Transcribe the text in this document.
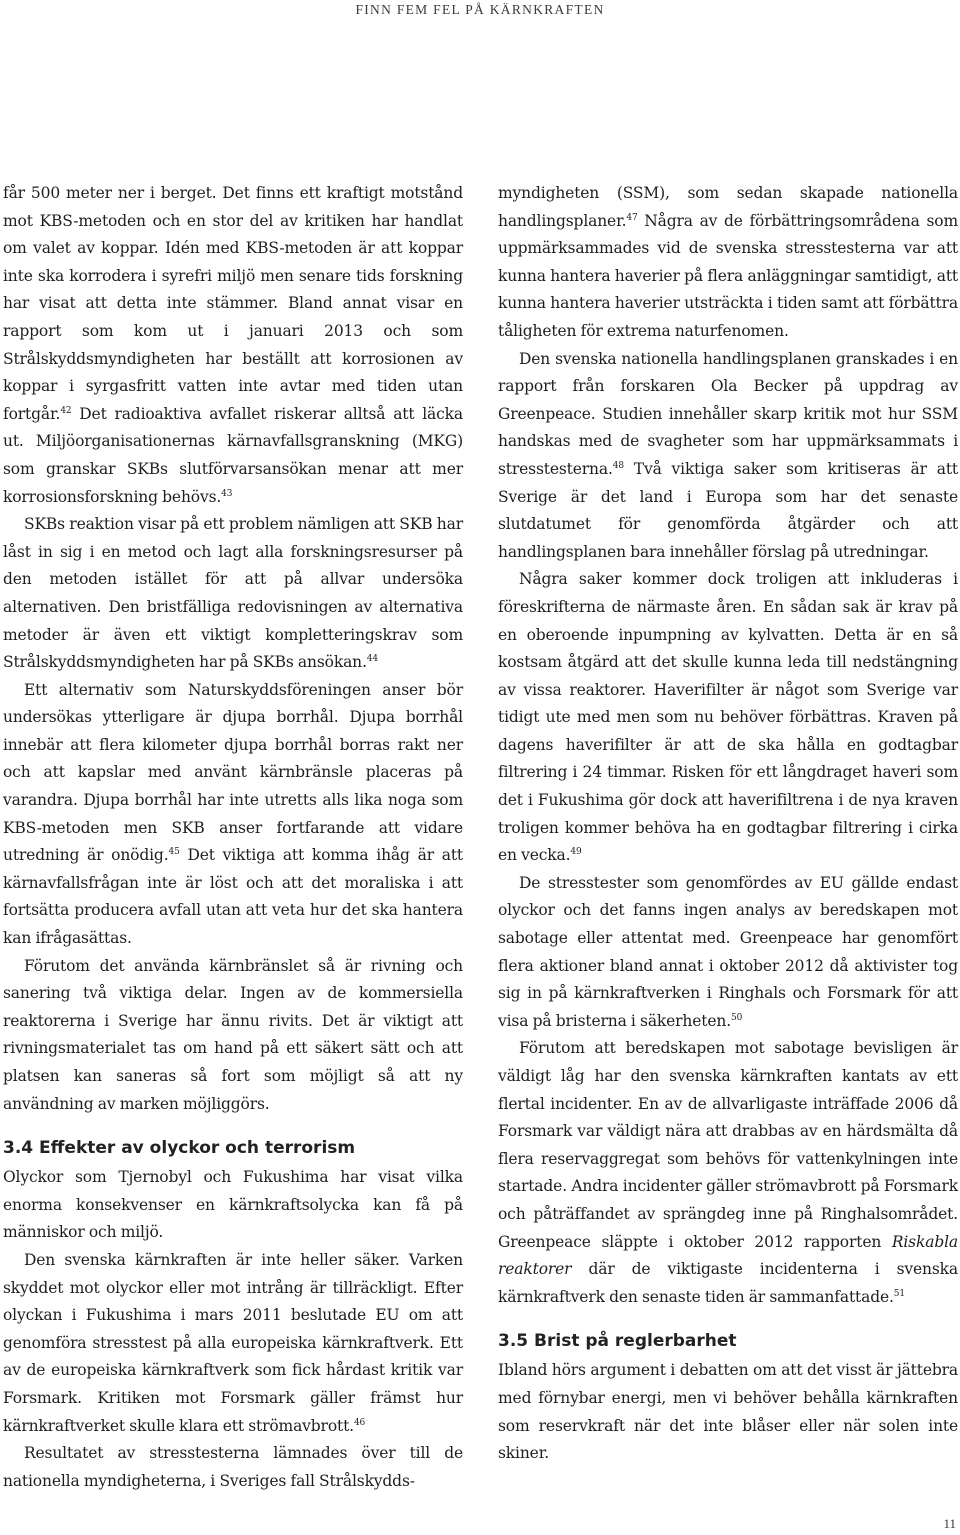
FINN FEM FEL PÅ KÄRNKRAFTEN

får 500 meter ner i berget. Det finns ett kraftigt motstånd mot KBS-metoden och en stor del av kritiken har handlat om valet av koppar. Idén med KBS-metoden är att koppar inte ska korrodera i syrefri miljö men senare tids forskning har visat att detta inte stämmer. Bland annat visar en rapport som kom ut i januari 2013 och som Strålskyddsmyndigheten har beställt att korrosionen av koppar i syrgasfritt vatten inte avtar med tiden utan fortgår.$^{42}$ Det radioaktiva avfallet riskerar alltså att läcka ut. Miljöorganisationernas kärnavfallsgranskning (MKG) som granskar SKBs slutförvarsansökan menar att mer korrosionsforskning behövs.$^{43}$

SKBs reaktion visar på ett problem nämligen att SKB har låst in sig i en metod och lagt alla forskningsresurser på den metoden istället för att på allvar undersöka alternativen. Den bristfälliga redovisningen av alternativa metoder är även ett viktigt kompletteringskrav som Strålskyddsmyndigheten har på SKBs ansökan.$^{44}$

Ett alternativ som Naturskyddsföreningen anser bör undersökas ytterligare är djupa borrhål. Djupa borrhål innebär att flera kilometer djupa borrhål borras rakt ner och att kapslar med använt kärnbränsle placeras på varandra. Djupa borrhål har inte utretts alls lika noga som KBS-metoden men SKB anser fortfarande att vidare utredning är onödig.$^{45}$ Det viktiga att komma ihåg är att kärnavfallsfrågan inte är löst och att det moraliska i att fortsätta producera avfall utan att veta hur det ska hantera kan ifrågasättas.

Förutom det använda kärnbränslet så är rivning och sanering två viktiga delar. Ingen av de kommersiella reaktorerna i Sverige har ännu rivits. Det är viktigt att rivningsmaterialet tas om hand på ett säkert sätt och att platsen kan saneras så fort som möjligt så att ny användning av marken möjliggörs.

3.4 Effekter av olyckor och terrorism

Olyckor som Tjernobyl och Fukushima har visat vilka enorma konsekvenser en kärnkraftsolycka kan få på människor och miljö.

Den svenska kärnkraften är inte heller säker. Varken skyddet mot olyckor eller mot intrång är tillräckligt. Efter olyckan i Fukushima i mars 2011 beslutade EU om att genomföra stresstest på alla europeiska kärnkraftverk. Ett av de europeiska kärnkraftverk som fick hårdast kritik var Forsmark. Kritiken mot Forsmark gäller främst hur kärnkraftverket skulle klara ett strömavbrott.$^{46}$

Resultatet av stresstesterna lämnades över till de nationella myndigheterna, i Sveriges fall Strålskydds-

myndigheten (SSM), som sedan skapade nationella handlingsplaner.$^{47}$ Några av de förbättringsområdena som uppmärksammades vid de svenska stresstesterna var att kunna hantera haverier på flera anläggningar samtidigt, att kunna hantera haverier utsträckta i tiden samt att förbättra tåligheten för extrema naturfenomen.

Den svenska nationella handlingsplanen granskades i en rapport från forskaren Ola Becker på uppdrag av Greenpeace. Studien innehåller skarp kritik mot hur SSM handskas med de svagheter som har uppmärksammats i stresstesterna.$^{48}$ Två viktiga saker som kritiseras är att Sverige är det land i Europa som har det senaste slutdatumet för genomförda åtgärder och att handlingsplanen bara innehåller förslag på utredningar.

Några saker kommer dock troligen att inkluderas i föreskrifterna de närmaste åren. En sådan sak är krav på en oberoende inpumpning av kylvatten. Detta är en så kostsam åtgärd att det skulle kunna leda till nedstängning av vissa reaktorer. Haverifilter är något som Sverige var tidigt ute med men som nu behöver förbättras. Kraven på dagens haverifilter är att de ska hålla en godtagbar filtrering i 24 timmar. Risken för ett långdraget haveri som det i Fukushima gör dock att haverifiltrena i de nya kraven troligen kommer behöva ha en godtagbar filtrering i cirka en vecka.$^{49}$

De stresstester som genomfördes av EU gällde endast olyckor och det fanns ingen analys av beredskapen mot sabotage eller attentat med. Greenpeace har genomfört flera aktioner bland annat i oktober 2012 då aktivister tog sig in på kärnkraftverken i Ringhals och Forsmark för att visa på bristerna i säkerheten.$^{50}$

Förutom att beredskapen mot sabotage bevisligen är väldigt låg har den svenska kärnkraften kantats av ett flertal incidenter. En av de allvarligaste inträffade 2006 då Forsmark var väldigt nära att drabbas av en härdsmälta då flera reservaggregat som behövs för vattenkylningen inte startade. Andra incidenter gäller strömavbrott på Forsmark och påträffandet av sprängdeg inne på Ringhalsområdet. Greenpeace släppte i oktober 2012 rapporten Riskabla reaktorer där de viktigaste incidenterna i svenska kärnkraftverk den senaste tiden är sammanfattade.$^{51}$

3.5 Brist på reglerbarhet

Ibland hörs argument i debatten om att det visst är jättebra med förnybar energi, men vi behöver behålla kärnkraften som reservkraft när det inte blåser eller när solen inte skiner.

11
